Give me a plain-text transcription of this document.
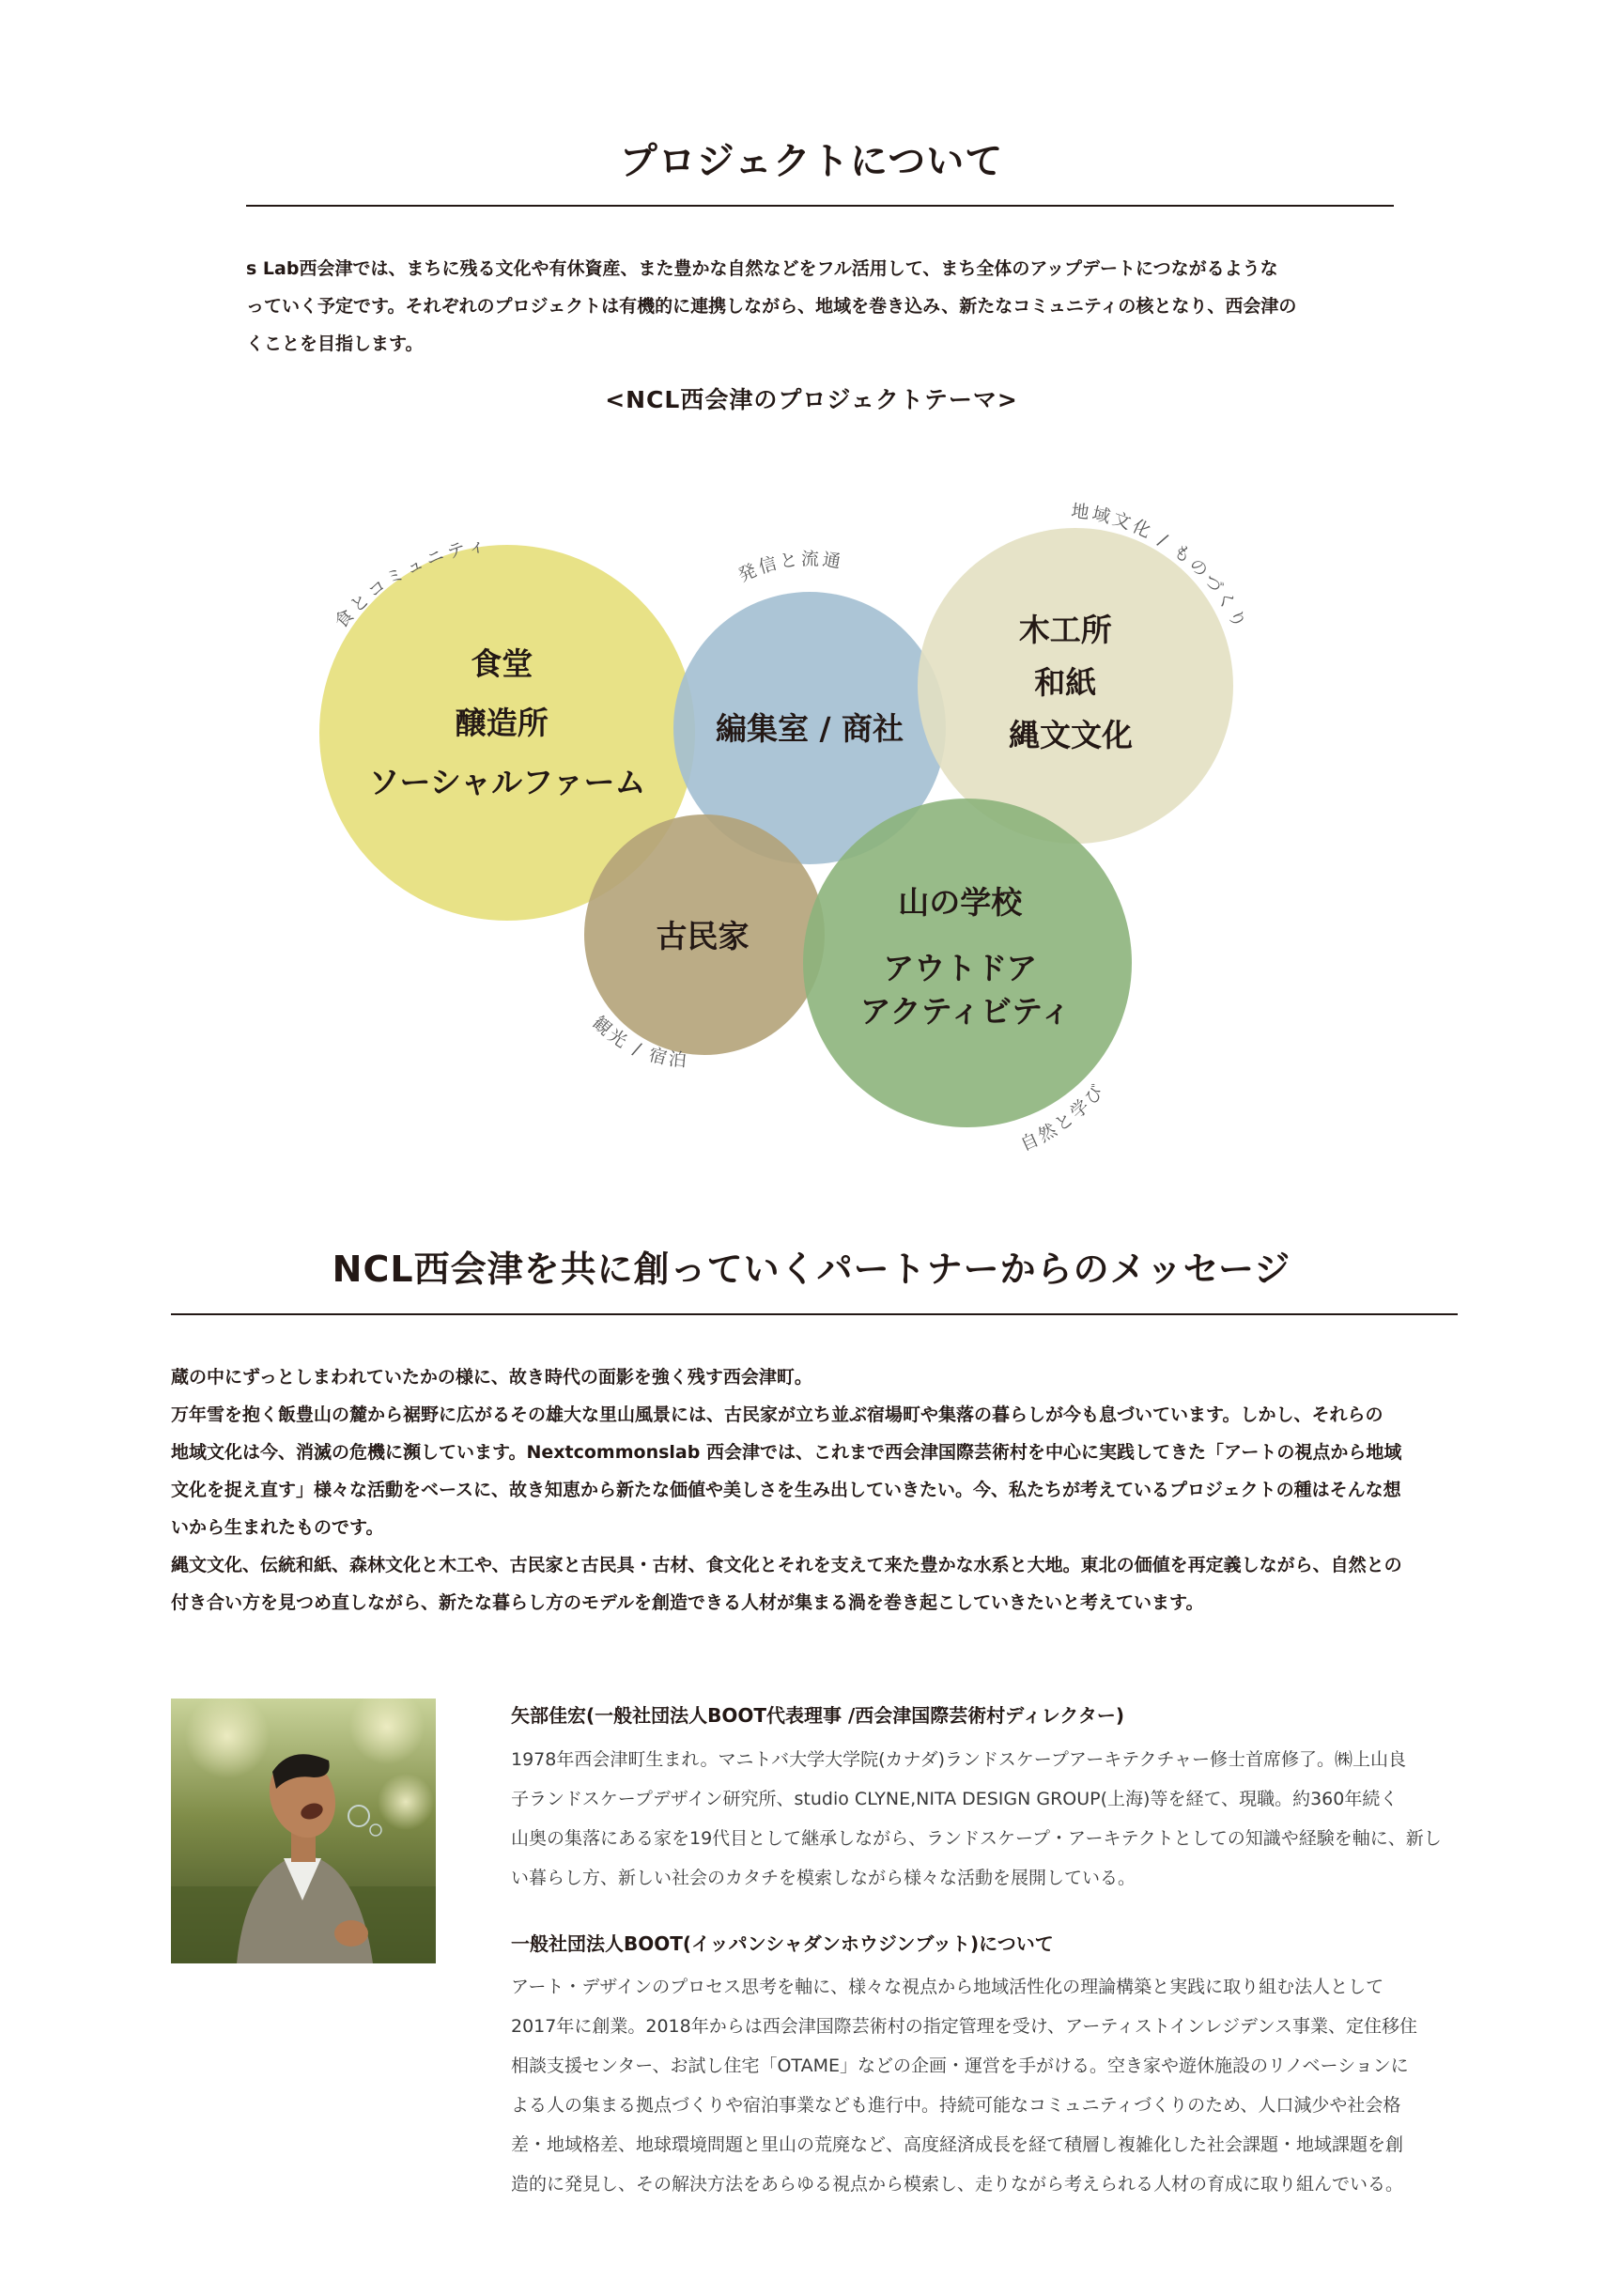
プロジェクトについて
s Lab西会津では、まちに残る文化や有休資産、また豊かな自然などをフル活用して、まち全体のアップデートにつながるような
っていく予定です。それぞれのプロジェクトは有機的に連携しながら、地域を巻き込み、新たなコミュニティの核となり、西会津の
くことを目指します。
<NCL西会津のプロジェクトテーマ>
食堂 醸造所 ソーシャルファーム
編集室 / 商社
木工所 和紙 縄文文化
古民家
山の学校 アウトドア アクティビティ
食とコミュニティ
発信と流通
地域文化 / ものづくり
観光 / 宿泊
自然と学び
NCL西会津を共に創っていくパートナーからのメッセージ
蔵の中にずっとしまわれていたかの様に、故き時代の面影を強く残す西会津町。
万年雪を抱く飯豊山の麓から裾野に広がるその雄大な里山風景には、古民家が立ち並ぶ宿場町や集落の暮らしが今も息づいています。しかし、それらの
地域文化は今、消滅の危機に瀕しています。Nextcommonslab 西会津では、これまで西会津国際芸術村を中心に実践してきた「アートの視点から地域
文化を捉え直す」様々な活動をベースに、故き知恵から新たな価値や美しさを生み出していきたい。今、私たちが考えているプロジェクトの種はそんな想
いから生まれたものです。
縄文文化、伝統和紙、森林文化と木工や、古民家と古民具・古材、食文化とそれを支えて来た豊かな水系と大地。東北の価値を再定義しながら、自然との
付き合い方を見つめ直しながら、新たな暮らし方のモデルを創造できる人材が集まる渦を巻き起こしていきたいと考えています。
矢部佳宏(一般社団法人BOOT代表理事 /西会津国際芸術村ディレクター)
1978年西会津町生まれ。マニトバ大学大学院(カナダ)ランドスケープアーキテクチャー修士首席修了。㈱上山良
子ランドスケープデザイン研究所、studio CLYNE,NITA DESIGN GROUP(上海)等を経て、現職。約360年続く
山奥の集落にある家を19代目として継承しながら、ランドスケープ・アーキテクトとしての知識や経験を軸に、新し
い暮らし方、新しい社会のカタチを模索しながら様々な活動を展開している。
一般社団法人BOOT(イッパンシャダンホウジンブット)について
アート・デザインのプロセス思考を軸に、様々な視点から地域活性化の理論構築と実践に取り組む法人として
2017年に創業。2018年からは西会津国際芸術村の指定管理を受け、アーティストインレジデンス事業、定住移住
相談支援センター、お試し住宅「OTAME」などの企画・運営を手がける。空き家や遊休施設のリノベーションに
よる人の集まる拠点づくりや宿泊事業なども進行中。持続可能なコミュニティづくりのため、人口減少や社会格
差・地域格差、地球環境問題と里山の荒廃など、高度経済成長を経て積層し複雑化した社会課題・地域課題を創
造的に発見し、その解決方法をあらゆる視点から模索し、走りながら考えられる人材の育成に取り組んでいる。
